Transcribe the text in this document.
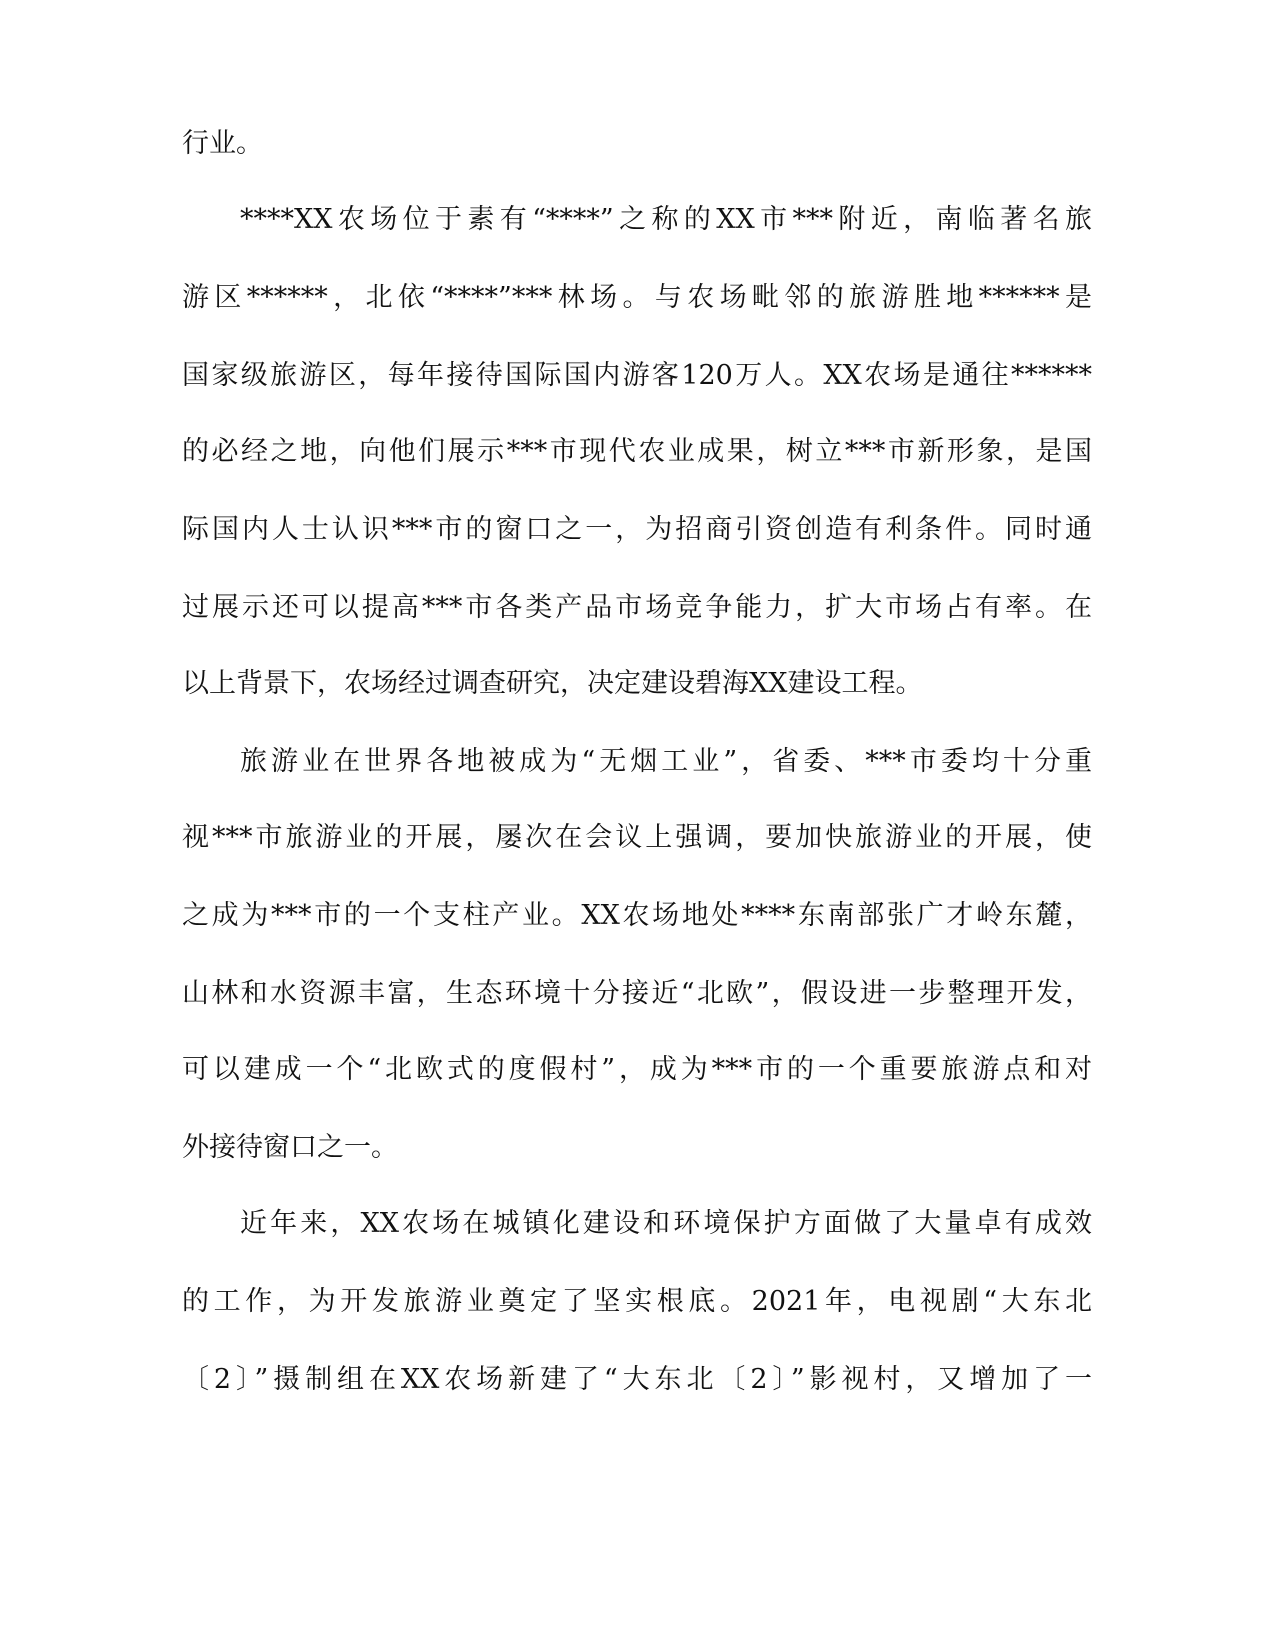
行业。
****XX农场位于素有“****”之称的XX市***附近，南临著名旅
游区******，北依“****”***林场。与农场毗邻的旅游胜地******是
国家级旅游区，每年接待国际国内游客120万人。XX农场是通往******
的必经之地，向他们展示***市现代农业成果，树立***市新形象，是国
际国内人士认识***市的窗口之一，为招商引资创造有利条件。同时通
过展示还可以提高***市各类产品市场竞争能力，扩大市场占有率。在
以上背景下，农场经过调查研究，决定建设碧海XX建设工程。
旅游业在世界各地被成为“无烟工业”，省委、***市委均十分重
视***市旅游业的开展，屡次在会议上强调，要加快旅游业的开展，使
之成为***市的一个支柱产业。XX农场地处****东南部张广才岭东麓，
山林和水资源丰富，生态环境十分接近“北欧”，假设进一步整理开发，
可以建成一个“北欧式的度假村”，成为***市的一个重要旅游点和对
外接待窗口之一。
近年来，XX农场在城镇化建设和环境保护方面做了大量卓有成效
的工作，为开发旅游业奠定了坚实根底。2021年，电视剧“大东北
〔2〕”摄制组在XX农场新建了“大东北〔2〕”影视村，又增加了一
